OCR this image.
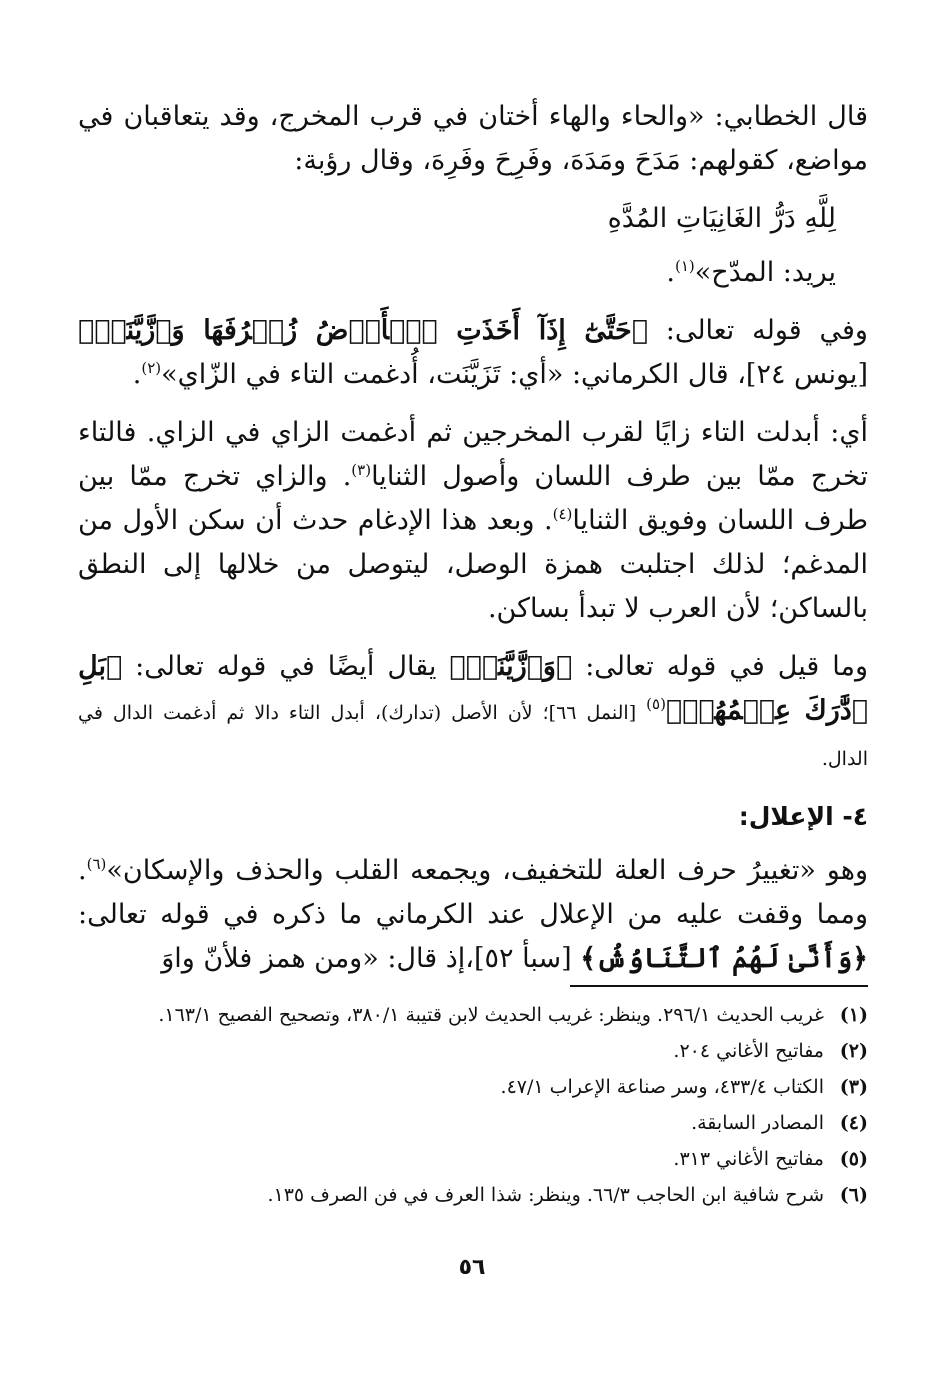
قال الخطابي: «والحاء والهاء أختان في قرب المخرج، وقد يتعاقبان في مواضع، كقولهم: مَدَحَ ومَدَهَ، وفَرِحَ وفَرِهَ، وقال رؤبة:

لِلَّهِ دَرُّ الغَانِيَاتِ المُدَّهِ

يريد: المدّح»$^{(١)}$.

وفي قوله تعالى: ﴿حَتَّىٰٓ إِذَآ أَخَذَتِ ٱلۡأَرۡضُ زُخۡرُفَهَا وَٱزَّيَّنَتۡ﴾ [يونس ٢٤]، قال الكرماني: «أي: تَزَيَّنَت، أُدغمت التاء في الزّاي»$^{(٢)}$.

أي: أبدلت التاء زايًا لقرب المخرجين ثم أدغمت الزاي في الزاي. فالتاء تخرج ممّا بين طرف اللسان وأصول الثنايا$^{(٣)}$. والزاي تخرج ممّا بين طرف اللسان وفويق الثنايا$^{(٤)}$. وبعد هذا الإدغام حدث أن سكن الأول من المدغم؛ لذلك اجتلبت همزة الوصل، ليتوصل من خلالها إلى النطق بالساكن؛ لأن العرب لا تبدأ بساكن.

وما قيل في قوله تعالى: ﴿وَٱزَّيَّنَتۡ﴾ يقال أيضًا في قوله تعالى: ﴿بَلِ ٱدَّٰرَكَ عِلۡمُهُمۡ﴾$^{(٥)}$ [النمل ٦٦]؛ لأن الأصل (تدارك)، أبدل التاء دالا ثم أدغمت الدال في الدال.

٤- الإعلال:

وهو «تغييرُ حرف العلة للتخفيف، ويجمعه القلب والحذف والإسكان»$^{(٦)}$. ومما وقفت عليه من الإعلال عند الكرماني ما ذكره في قوله تعالى: ﴿وَأَنَّىٰ لَهُمُ ٱلتَّنَاوُشُ﴾ [سبأ ٥٢]،إذ قال: «ومن همز فلأنّ واوَ

(١)
غريب الحديث ٢٩٦/١. وينظر: غريب الحديث لابن قتيبة ٣٨٠/١، وتصحيح الفصيح ١٦٣/١.
(٢)
مفاتيح الأغاني ٢٠٤.
(٣)
الكتاب ٤٣٣/٤، وسر صناعة الإعراب ٤٧/١.
(٤)
المصادر السابقة.
(٥)
مفاتيح الأغاني ٣١٣.
(٦)
شرح شافية ابن الحاجب ٦٦/٣. وينظر: شذا العرف في فن الصرف ١٣٥.
٥٦
